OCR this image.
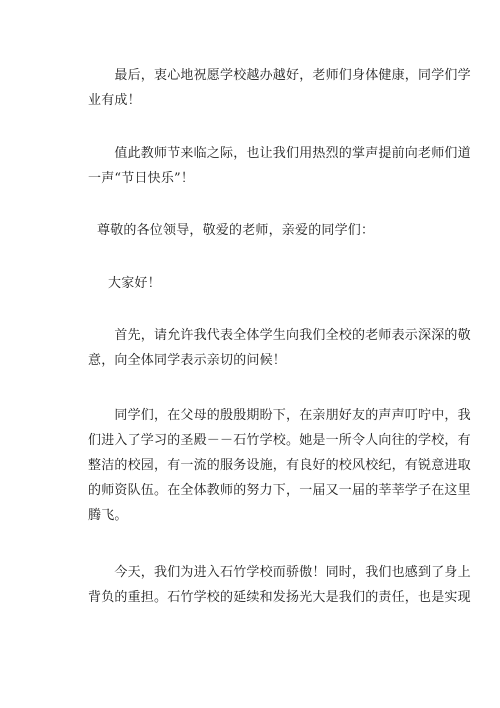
　　最后，衷心地祝愿学校越办越好，老师们身体健康，同学们学
业有成！

　　值此教师节来临之际，也让我们用热烈的掌声提前向老师们道
一声“节日快乐”！

尊敬的各位领导，敬爱的老师，亲爱的同学们：

大家好！

　　首先，请允许我代表全体学生向我们全校的老师表示深深的敬
意，向全体同学表示亲切的问候！

　　同学们，在父母的殷殷期盼下，在亲朋好友的声声叮咛中，我
们进入了学习的圣殿－－石竹学校。她是一所令人向往的学校，有
整洁的校园，有一流的服务设施，有良好的校风校纪，有锐意进取
的师资队伍。在全体教师的努力下，一届又一届的莘莘学子在这里
腾飞。

　　今天，我们为进入石竹学校而骄傲！同时，我们也感到了身上
背负的重担。石竹学校的延续和发扬光大是我们的责任，也是实现
